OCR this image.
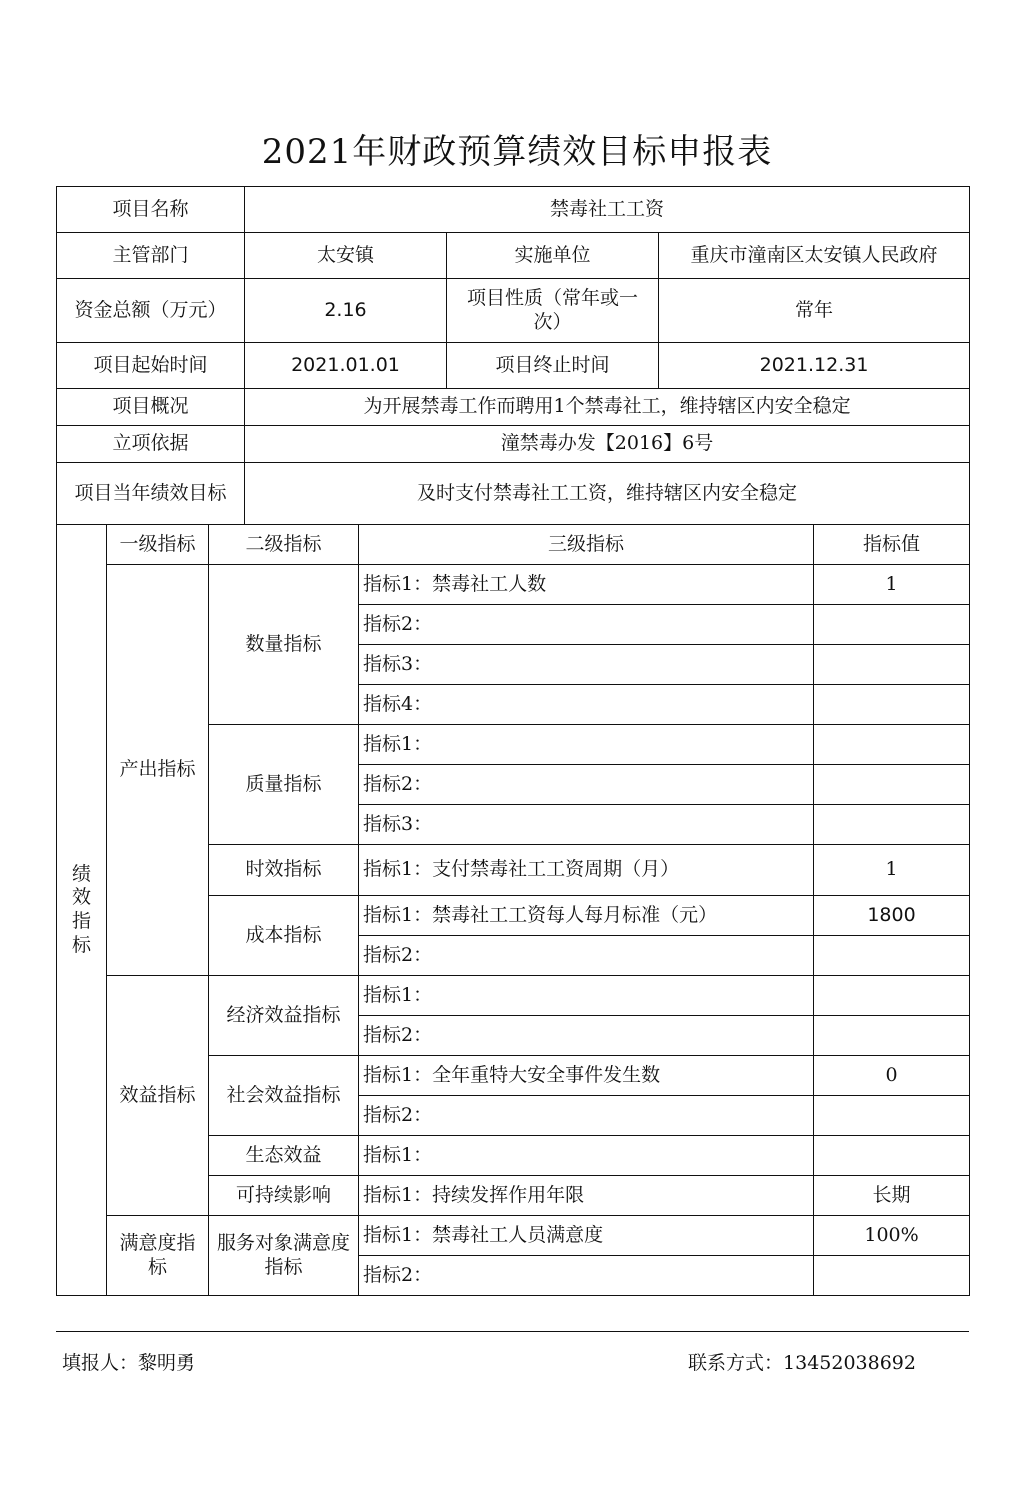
2021年财政预算绩效目标申报表
项目名称			禁毒社工工资				
主管部门			太安镇		实施单位	重庆市潼南区太安镇人民政府	
资金总额（万元）			2.16		项目性质（常年或一次）	常年	
项目起始时间			2021.01.01		项目终止时间	2021.12.31	
项目概况			为开展禁毒工作而聘用1个禁毒社工，维持辖区内安全稳定				
立项依据			潼禁毒办发【2016】6号				
项目当年绩效目标			及时支付禁毒社工工资，维持辖区内安全稳定				

绩效指标	一级指标	二级指标		三级指标			指标值
	产出指标	数量指标		指标1：禁毒社工人数			1
				指标2：			
				指标3：			
				指标4：			
		质量指标		指标1：			
				指标2：			
				指标3：			
		时效指标		指标1：支付禁毒社工工资周期（月）			1
		成本指标		指标1：禁毒社工工资每人每月标准（元）			1800
				指标2：			
	效益指标	经济效益指标		指标1：			
				指标2：			
		社会效益指标		指标1：全年重特大安全事件发生数			0
				指标2：			
		生态效益		指标1：			
		可持续影响		指标1：持续发挥作用年限			长期
	满意度指标	服务对象满意度指标		指标1：禁毒社工人员满意度			100%
				指标2：			
填报人：黎明勇	联系方式：13452038692
